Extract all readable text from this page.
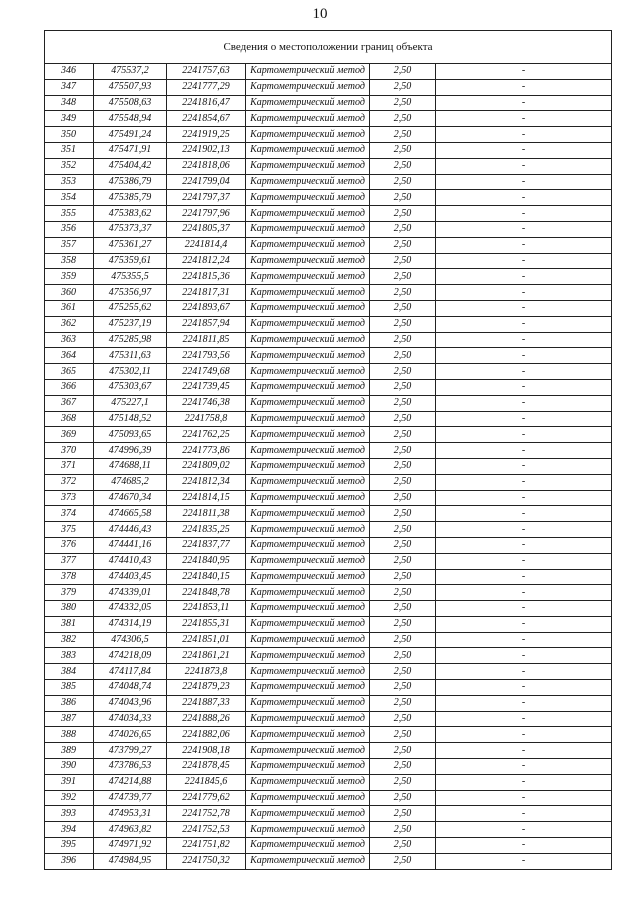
10
Сведения о местоположении границ объекта					
346	475537,2	2241757,63	Картометрический метод	2,50	-
347	475507,93	2241777,29	Картометрический метод	2,50	-
348	475508,63	2241816,47	Картометрический метод	2,50	-
349	475548,94	2241854,67	Картометрический метод	2,50	-
350	475491,24	2241919,25	Картометрический метод	2,50	-
351	475471,91	2241902,13	Картометрический метод	2,50	-
352	475404,42	2241818,06	Картометрический метод	2,50	-
353	475386,79	2241799,04	Картометрический метод	2,50	-
354	475385,79	2241797,37	Картометрический метод	2,50	-
355	475383,62	2241797,96	Картометрический метод	2,50	-
356	475373,37	2241805,37	Картометрический метод	2,50	-
357	475361,27	2241814,4	Картометрический метод	2,50	-
358	475359,61	2241812,24	Картометрический метод	2,50	-
359	475355,5	2241815,36	Картометрический метод	2,50	-
360	475356,97	2241817,31	Картометрический метод	2,50	-
361	475255,62	2241893,67	Картометрический метод	2,50	-
362	475237,19	2241857,94	Картометрический метод	2,50	-
363	475285,98	2241811,85	Картометрический метод	2,50	-
364	475311,63	2241793,56	Картометрический метод	2,50	-
365	475302,11	2241749,68	Картометрический метод	2,50	-
366	475303,67	2241739,45	Картометрический метод	2,50	-
367	475227,1	2241746,38	Картометрический метод	2,50	-
368	475148,52	2241758,8	Картометрический метод	2,50	-
369	475093,65	2241762,25	Картометрический метод	2,50	-
370	474996,39	2241773,86	Картометрический метод	2,50	-
371	474688,11	2241809,02	Картометрический метод	2,50	-
372	474685,2	2241812,34	Картометрический метод	2,50	-
373	474670,34	2241814,15	Картометрический метод	2,50	-
374	474665,58	2241811,38	Картометрический метод	2,50	-
375	474446,43	2241835,25	Картометрический метод	2,50	-
376	474441,16	2241837,77	Картометрический метод	2,50	-
377	474410,43	2241840,95	Картометрический метод	2,50	-
378	474403,45	2241840,15	Картометрический метод	2,50	-
379	474339,01	2241848,78	Картометрический метод	2,50	-
380	474332,05	2241853,11	Картометрический метод	2,50	-
381	474314,19	2241855,31	Картометрический метод	2,50	-
382	474306,5	2241851,01	Картометрический метод	2,50	-
383	474218,09	2241861,21	Картометрический метод	2,50	-
384	474117,84	2241873,8	Картометрический метод	2,50	-
385	474048,74	2241879,23	Картометрический метод	2,50	-
386	474043,96	2241887,33	Картометрический метод	2,50	-
387	474034,33	2241888,26	Картометрический метод	2,50	-
388	474026,65	2241882,06	Картометрический метод	2,50	-
389	473799,27	2241908,18	Картометрический метод	2,50	-
390	473786,53	2241878,45	Картометрический метод	2,50	-
391	474214,88	2241845,6	Картометрический метод	2,50	-
392	474739,77	2241779,62	Картометрический метод	2,50	-
393	474953,31	2241752,78	Картометрический метод	2,50	-
394	474963,82	2241752,53	Картометрический метод	2,50	-
395	474971,92	2241751,82	Картометрический метод	2,50	-
396	474984,95	2241750,32	Картометрический метод	2,50	-
